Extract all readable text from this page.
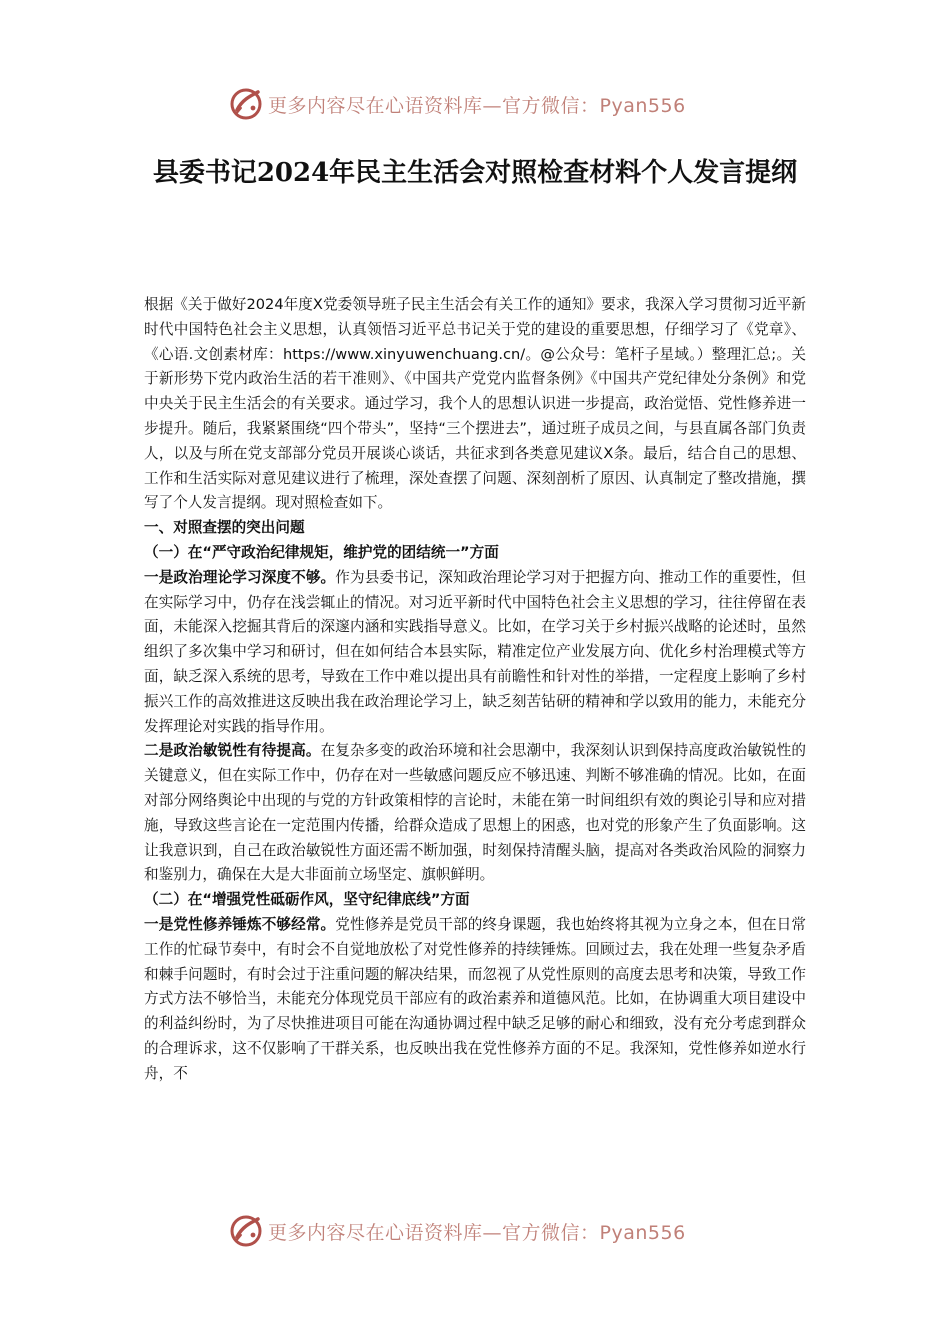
更多内容尽在心语资料库—官方微信：Pyan556
县委书记2024年民主生活会对照检查材料个人发言提纲

根据《关于做好2024年度X党委领导班子民主生活会有关工作的通知》要求，我深入学习贯彻习近平新时代中国特色社会主义思想，认真领悟习近平总书记关于党的建设的重要思想，仔细学习了《党章》、《心语.文创素材库：https://www.xinyuwenchuang.cn/。@公众号：笔杆子星域。）整理汇总;。关于新形势下党内政治生活的若干准则》、《中国共产党党内监督条例》《中国共产党纪律处分条例》和党中央关于民主生活会的有关要求。通过学习，我个人的思想认识进一步提高，政治觉悟、党性修养进一步提升。随后，我紧紧围绕“四个带头”，坚持“三个摆进去”，通过班子成员之间，与县直属各部门负责人，以及与所在党支部部分党员开展谈心谈话，共征求到各类意见建议X条。最后，结合自己的思想、工作和生活实际对意见建议进行了梳理，深处查摆了问题、深刻剖析了原因、认真制定了整改措施，撰写了个人发言提纲。现对照检查如下。

一、对照查摆的突出问题

（一）在“严守政治纪律规矩，维护党的团结统一”方面

一是政治理论学习深度不够。作为县委书记，深知政治理论学习对于把握方向、推动工作的重要性，但在实际学习中，仍存在浅尝辄止的情况。对习近平新时代中国特色社会主义思想的学习，往往停留在表面，未能深入挖掘其背后的深邃内涵和实践指导意义。比如，在学习关于乡村振兴战略的论述时，虽然组织了多次集中学习和研讨，但在如何结合本县实际，精准定位产业发展方向、优化乡村治理模式等方面，缺乏深入系统的思考，导致在工作中难以提出具有前瞻性和针对性的举措，一定程度上影响了乡村振兴工作的高效推进这反映出我在政治理论学习上，缺乏刻苦钻研的精神和学以致用的能力，未能充分发挥理论对实践的指导作用。

二是政治敏锐性有待提高。在复杂多变的政治环境和社会思潮中，我深刻认识到保持高度政治敏锐性的关键意义，但在实际工作中，仍存在对一些敏感问题反应不够迅速、判断不够准确的情况。比如，在面对部分网络舆论中出现的与党的方针政策相悖的言论时，未能在第一时间组织有效的舆论引导和应对措施，导致这些言论在一定范围内传播，给群众造成了思想上的困惑，也对党的形象产生了负面影响。这让我意识到，自己在政治敏锐性方面还需不断加强，时刻保持清醒头脑，提高对各类政治风险的洞察力和鉴别力，确保在大是大非面前立场坚定、旗帜鲜明。

（二）在“增强党性砥砺作风，坚守纪律底线”方面

一是党性修养锤炼不够经常。党性修养是党员干部的终身课题，我也始终将其视为立身之本，但在日常工作的忙碌节奏中，有时会不自觉地放松了对党性修养的持续锤炼。回顾过去，我在处理一些复杂矛盾和棘手问题时，有时会过于注重问题的解决结果，而忽视了从党性原则的高度去思考和决策，导致工作方式方法不够恰当，未能充分体现党员干部应有的政治素养和道德风范。比如，在协调重大项目建设中的利益纠纷时，为了尽快推进项目可能在沟通协调过程中缺乏足够的耐心和细致，没有充分考虑到群众的合理诉求，这不仅影响了干群关系，也反映出我在党性修养方面的不足。我深知，党性修养如逆水行舟，不

更多内容尽在心语资料库—官方微信：Pyan556
